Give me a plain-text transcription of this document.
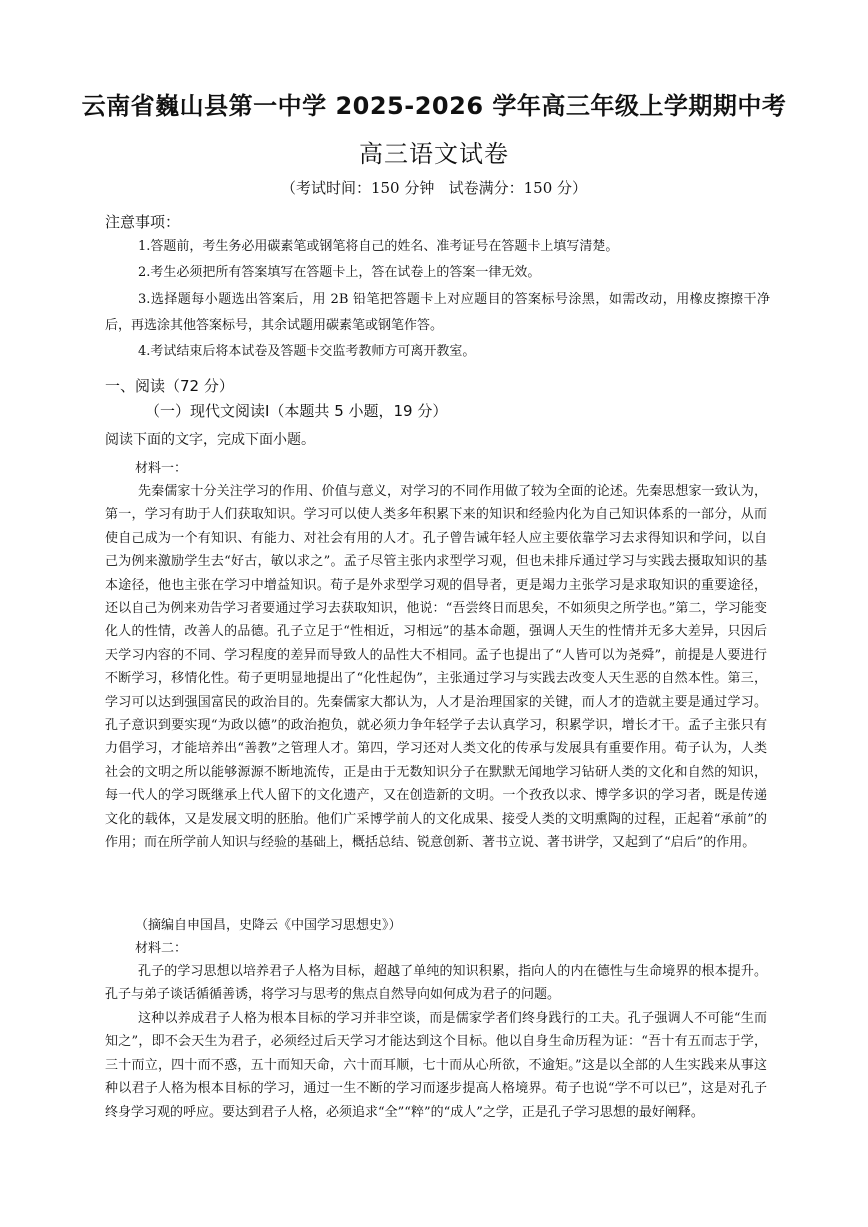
云南省巍山县第一中学 2025-2026 学年高三年级上学期期中考
高三语文试卷
（考试时间：150 分钟   试卷满分：150 分）
注意事项：
1.答题前，考生务必用碳素笔或钢笔将自己的姓名、准考证号在答题卡上填写清楚。
2.考生必须把所有答案填写在答题卡上，答在试卷上的答案一律无效。
3.选择题每小题选出答案后，用 2B 铅笔把答题卡上对应题目的答案标号涂黑，如需改动，用橡皮擦擦干净后，再选涂其他答案标号，其余试题用碳素笔或钢笔作答。
4.考试结束后将本试卷及答题卡交监考教师方可离开教室。
一、阅读（72 分）
（一）现代文阅读Ⅰ（本题共 5 小题，19 分）
阅读下面的文字，完成下面小题。
材料一：
先秦儒家十分关注学习的作用、价值与意义，对学习的不同作用做了较为全面的论述。先秦思想家一致认为，第一，学习有助于人们获取知识。学习可以使人类多年积累下来的知识和经验内化为自己知识体系的一部分，从而使自己成为一个有知识、有能力、对社会有用的人才。孔子曾告诫年轻人应主要依靠学习去求得知识和学问，以自己为例来激励学生去“好古，敏以求之”。孟子尽管主张内求型学习观，但也未排斥通过学习与实践去摄取知识的基本途径，他也主张在学习中增益知识。荀子是外求型学习观的倡导者，更是竭力主张学习是求取知识的重要途径，还以自己为例来劝告学习者要通过学习去获取知识，他说：“吾尝终日而思矣，不如须臾之所学也。”第二，学习能变化人的性情，改善人的品德。孔子立足于“性相近，习相远”的基本命题，强调人天生的性情并无多大差异，只因后天学习内容的不同、学习程度的差异而导致人的品性大不相同。孟子也提出了“人皆可以为尧舜”，前提是人要进行不断学习，移情化性。荀子更明显地提出了“化性起伪”，主张通过学习与实践去改变人天生恶的自然本性。第三，学习可以达到强国富民的政治目的。先秦儒家大都认为，人才是治理国家的关键，而人才的造就主要是通过学习。孔子意识到要实现“为政以德”的政治抱负，就必须力争年轻学子去认真学习，积累学识，增长才干。孟子主张只有力倡学习，才能培养出“善教”之管理人才。第四，学习还对人类文化的传承与发展具有重要作用。荀子认为，人类社会的文明之所以能够源源不断地流传，正是由于无数知识分子在默默无闻地学习钻研人类的文化和自然的知识，每一代人的学习既继承上代人留下的文化遗产，又在创造新的文明。一个孜孜以求、博学多识的学习者，既是传递文化的载体，又是发展文明的胚胎。他们广采博学前人的文化成果、接受人类的文明熏陶的过程，正起着“承前”的作用；而在所学前人知识与经验的基础上，概括总结、锐意创新、著书立说、著书讲学，又起到了“启后”的作用。
（摘编自申国昌，史降云《中国学习思想史》）
材料二：
孔子的学习思想以培养君子人格为目标，超越了单纯的知识积累，指向人的内在德性与生命境界的根本提升。孔子与弟子谈话循循善诱，将学习与思考的焦点自然导向如何成为君子的问题。
这种以养成君子人格为根本目标的学习并非空谈，而是儒家学者们终身践行的工夫。孔子强调人不可能“生而知之”，即不会天生为君子，必须经过后天学习才能达到这个目标。他以自身生命历程为证：“吾十有五而志于学，三十而立，四十而不惑，五十而知天命，六十而耳顺，七十而从心所欲，不逾矩。”这是以全部的人生实践来从事这种以君子人格为根本目标的学习，通过一生不断的学习而逐步提高人格境界。荀子也说“学不可以已”，这是对孔子终身学习观的呼应。要达到君子人格，必须追求“全”“粹”的“成人”之学，正是孔子学习思想的最好阐释。
